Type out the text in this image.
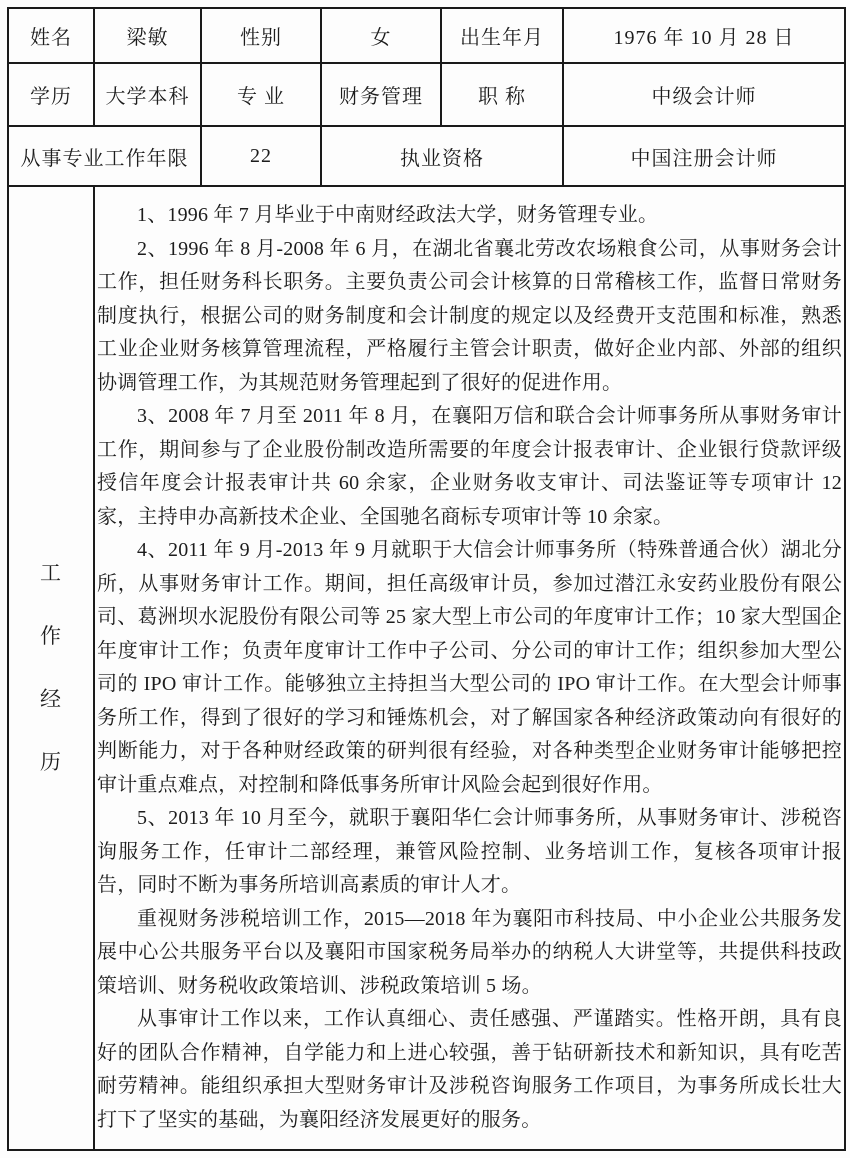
姓名	梁敏	性别	女	出生年月	1976 年 10 月 28 日
学历	大学本科	专 业	财务管理	职 称	中级会计师
从事专业工作年限		22	执业资格		中国注册会计师

工
作
经
历

1、1996 年 7 月毕业于中南财经政法大学，财务管理专业。

2、1996 年 8 月-2008 年 6 月，在湖北省襄北劳改农场粮食公司，从事财务会计工作，担任财务科长职务。主要负责公司会计核算的日常稽核工作，监督日常财务制度执行，根据公司的财务制度和会计制度的规定以及经费开支范围和标准，熟悉工业企业财务核算管理流程，严格履行主管会计职责，做好企业内部、外部的组织协调管理工作，为其规范财务管理起到了很好的促进作用。

3、2008 年 7 月至 2011 年 8 月，在襄阳万信和联合会计师事务所从事财务审计工作，期间参与了企业股份制改造所需要的年度会计报表审计、企业银行贷款评级授信年度会计报表审计共 60 余家，企业财务收支审计、司法鉴证等专项审计 12 家，主持申办高新技术企业、全国驰名商标专项审计等 10 余家。

4、2011 年 9 月-2013 年 9 月就职于大信会计师事务所（特殊普通合伙）湖北分所，从事财务审计工作。期间，担任高级审计员，参加过潜江永安药业股份有限公司、葛洲坝水泥股份有限公司等 25 家大型上市公司的年度审计工作；10 家大型国企年度审计工作；负责年度审计工作中子公司、分公司的审计工作；组织参加大型公司的 IPO 审计工作。能够独立主持担当大型公司的 IPO 审计工作。在大型会计师事务所工作，得到了很好的学习和锤炼机会，对了解国家各种经济政策动向有很好的判断能力，对于各种财经政策的研判很有经验，对各种类型企业财务审计能够把控审计重点难点，对控制和降低事务所审计风险会起到很好作用。

5、2013 年 10 月至今，就职于襄阳华仁会计师事务所，从事财务审计、涉税咨询服务工作，任审计二部经理，兼管风险控制、业务培训工作，复核各项审计报告，同时不断为事务所培训高素质的审计人才。

重视财务涉税培训工作，2015—2018 年为襄阳市科技局、中小企业公共服务发展中心公共服务平台以及襄阳市国家税务局举办的纳税人大讲堂等，共提供科技政策培训、财务税收政策培训、涉税政策培训 5 场。

从事审计工作以来，工作认真细心、责任感强、严谨踏实。性格开朗，具有良好的团队合作精神，自学能力和上进心较强，善于钻研新技术和新知识，具有吃苦耐劳精神。能组织承担大型财务审计及涉税咨询服务工作项目，为事务所成长壮大打下了坚实的基础，为襄阳经济发展更好的服务。
